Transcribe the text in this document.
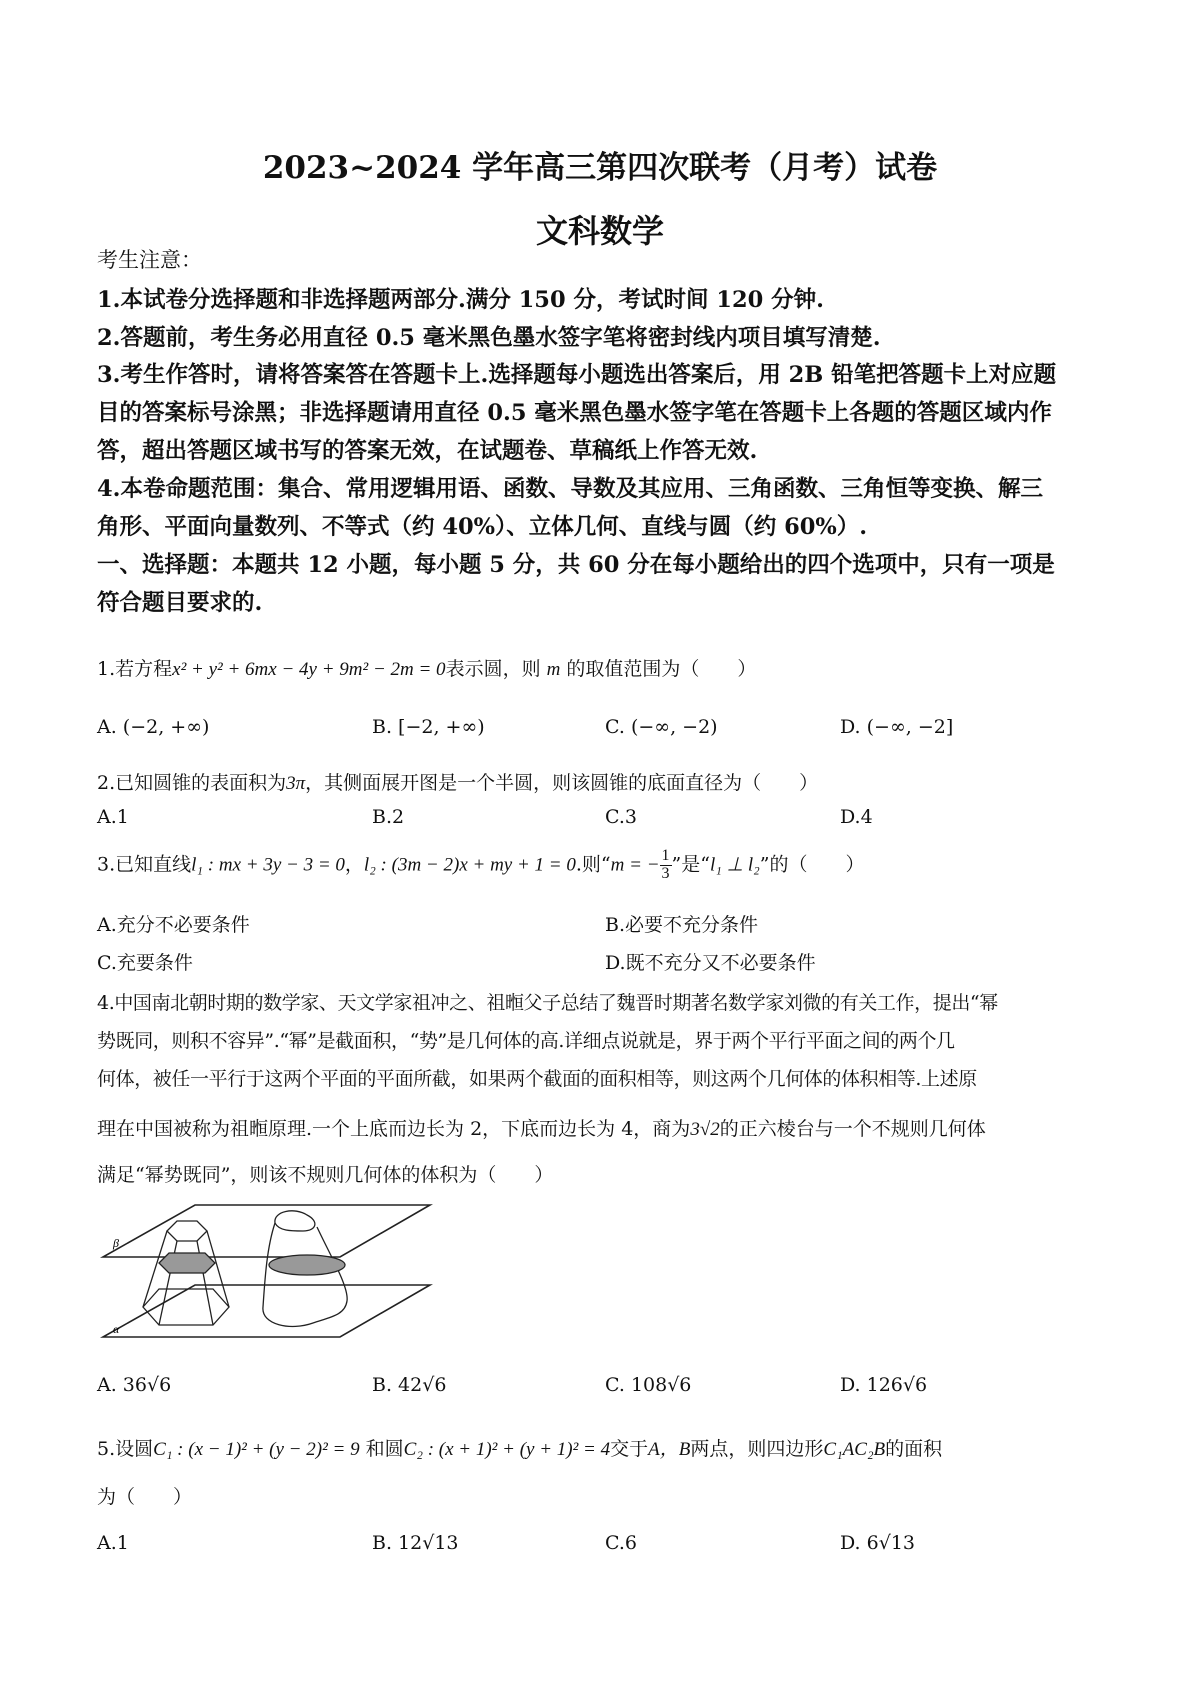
2023~2024 学年高三第四次联考（月考）试卷
文科数学
考生注意：
1.本试卷分选择题和非选择题两部分.满分 150 分，考试时间 120 分钟.
2.答题前，考生务必用直径 0.5 毫米黑色墨水签字笔将密封线内项目填写清楚.
3.考生作答时，请将答案答在答题卡上.选择题每小题选出答案后，用 2B 铅笔把答题卡上对应题
目的答案标号涂黑；非选择题请用直径 0.5 毫米黑色墨水签字笔在答题卡上各题的答题区域内作
答，超出答题区域书写的答案无效，在试题卷、草稿纸上作答无效.
4.本卷命题范围：集合、常用逻辑用语、函数、导数及其应用、三角函数、三角恒等变换、解三
角形、平面向量数列、不等式（约 40%）、立体几何、直线与圆（约 60%）.
一、选择题：本题共 12 小题，每小题 5 分，共 60 分在每小题给出的四个选项中，只有一项是
符合题目要求的.
1.若方程x² + y² + 6mx − 4y + 9m² − 2m = 0表示圆，则 m 的取值范围为（　　）
A. (−2, +∞)	B. [−2, +∞)	C. (−∞, −2)	D. (−∞, −2]
2.已知圆锥的表面积为3π，其侧面展开图是一个半圆，则该圆锥的底面直径为（　　）
A.1	B.2	C.3	D.4
3.已知直线l₁ : mx + 3y − 3 = 0，l₂ : (3m − 2)x + my + 1 = 0.则“m = − $\frac{1}{3}$ ”是“l₁ ⊥ l₂”的（　　）
A.充分不必要条件	B.必要不充分条件
C.充要条件	D.既不充分又不必要条件
4.中国南北朝时期的数学家、天文学家祖冲之、祖暅父子总结了魏晋时期著名数学家刘微的有关工作，提出“幂
势既同，则积不容异”.“幂”是截面积，“势”是几何体的高.详细点说就是，界于两个平行平面之间的两个几
何体，被任一平行于这两个平面的平面所截，如果两个截面的面积相等，则这两个几何体的体积相等.上述原
理在中国被称为祖暅原理.一个上底而边长为 2，下底而边长为 4，商为3√2的正六棱台与一个不规则几何体
满足“幂势既同”，则该不规则几何体的体积为（　　）
α
β
A. 36√6	B. 42√6	C. 108√6	D. 126√6
5.设圆C₁ : (x − 1)² + (y − 2)² = 9 和圆C₂ : (x + 1)² + (y + 1)² = 4交于A，B两点，则四边形C₁AC₂B的面积
为（　　）
A.1	B. 12√13	C.6	D. 6√13
